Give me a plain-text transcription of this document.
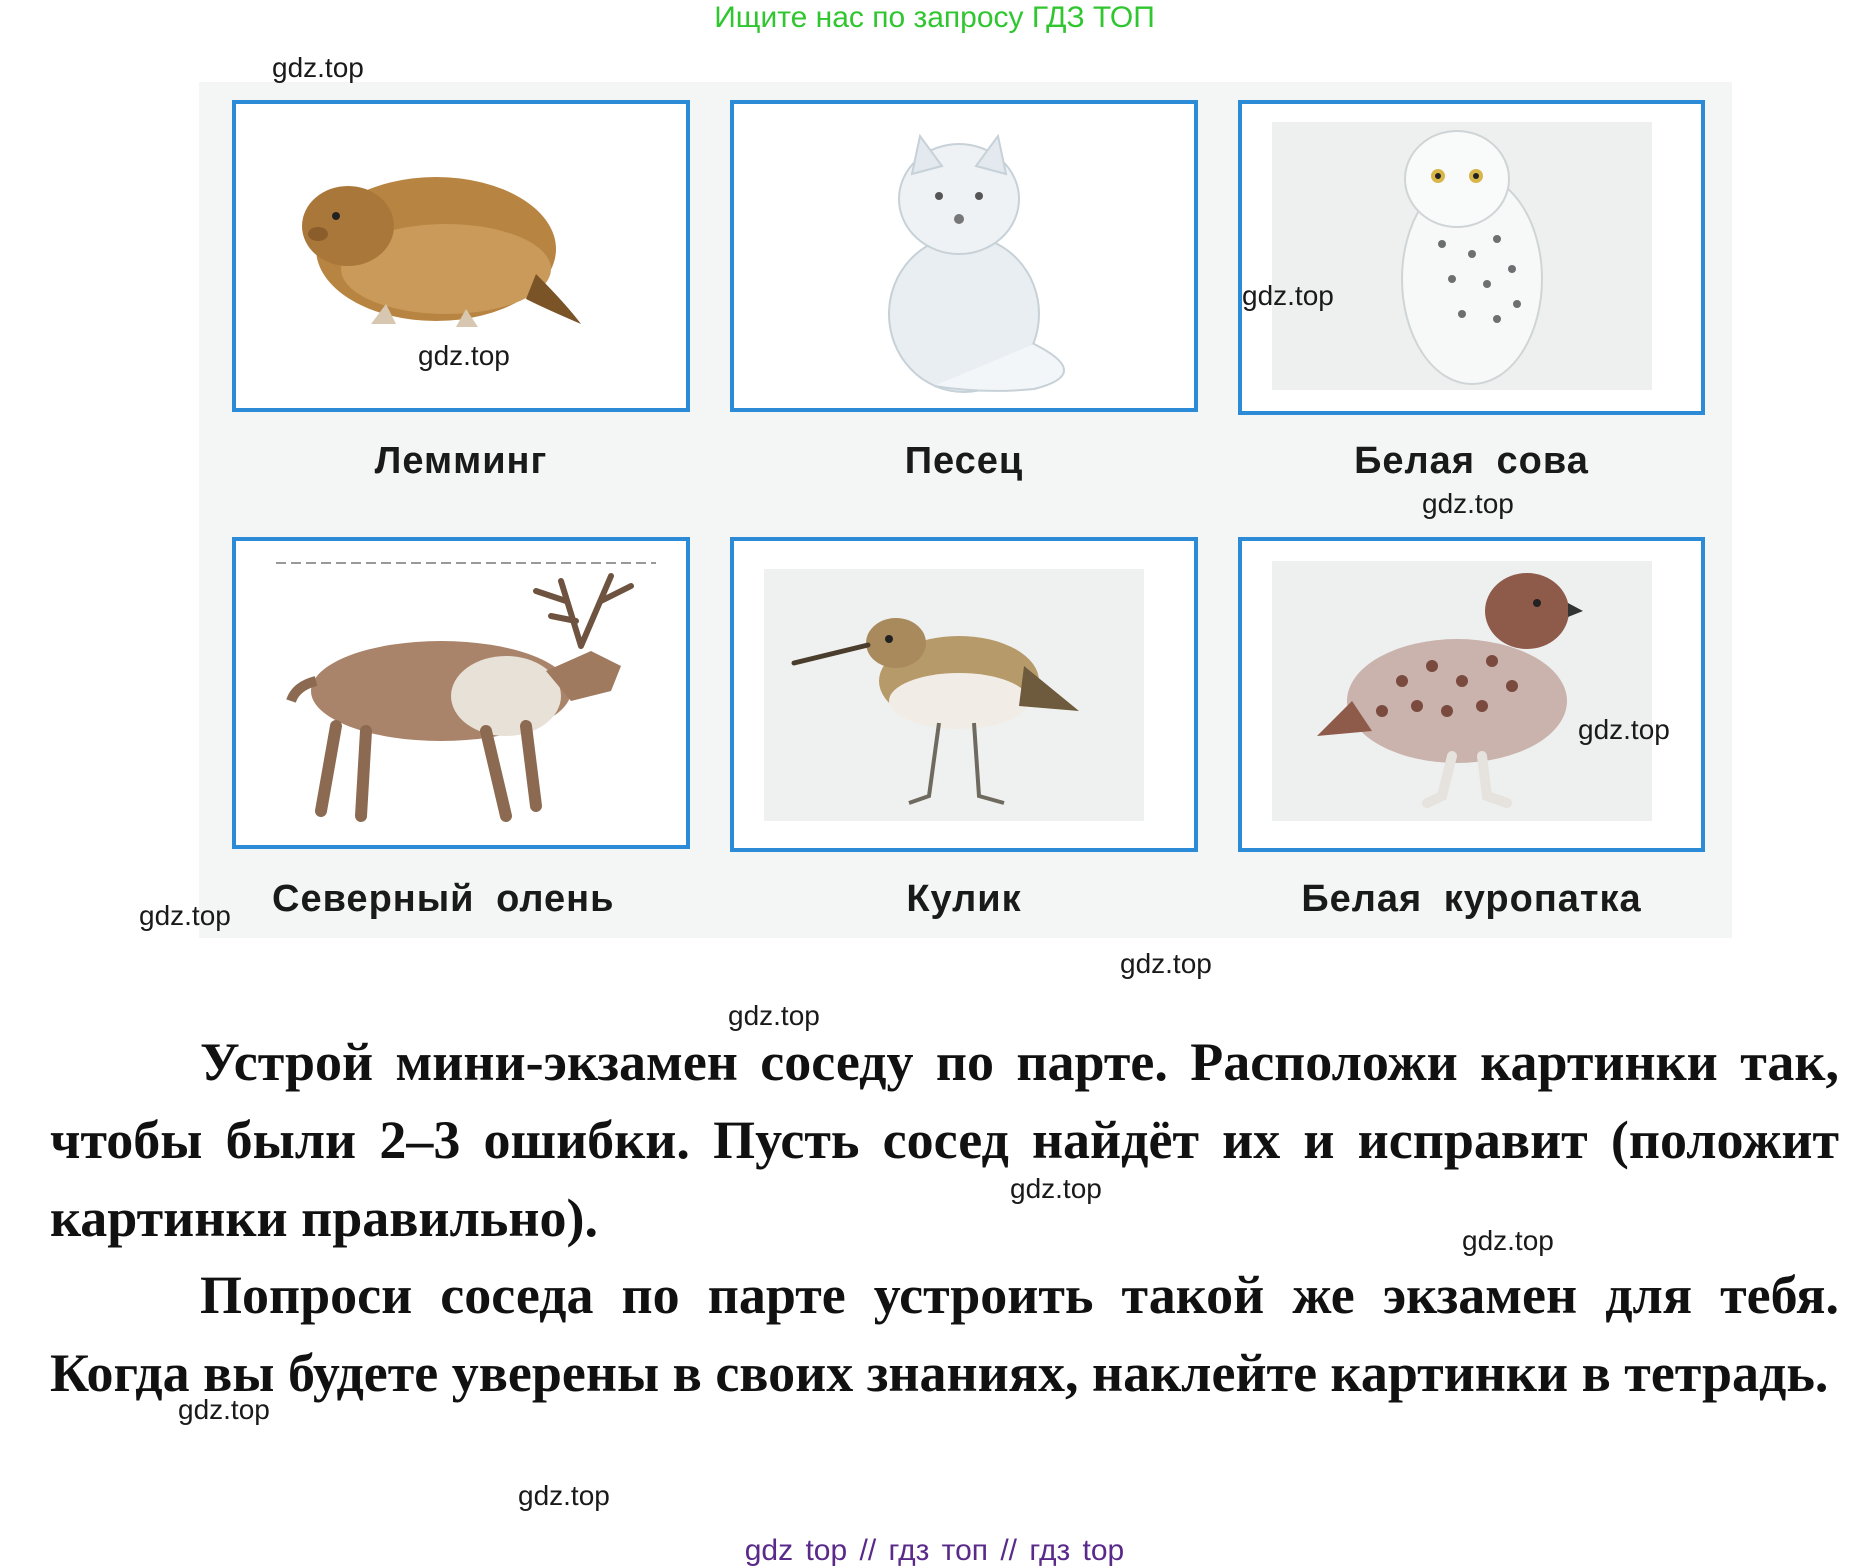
Ищите нас по запросу ГДЗ ТОП
Лемминг	Песец	Белая сова
Северный олень	Кулик	Белая куропатка
gdz.top
gdz.top
gdz.top
gdz.top
gdz.top
gdz.top
gdz.top
gdz.top
gdz.top
gdz.top
gdz.top
gdz.top
Устрой мини-экзамен соседу по парте. Расположи картинки так, чтобы были 2–3 ошибки. Пусть сосед найдёт их и исправит (положит картинки правильно).
Попроси соседа по парте устроить такой же экзамен для тебя. Когда вы будете уверены в своих знаниях, наклейте картинки в тетрадь.
gdz top // гдз топ // гдз top
